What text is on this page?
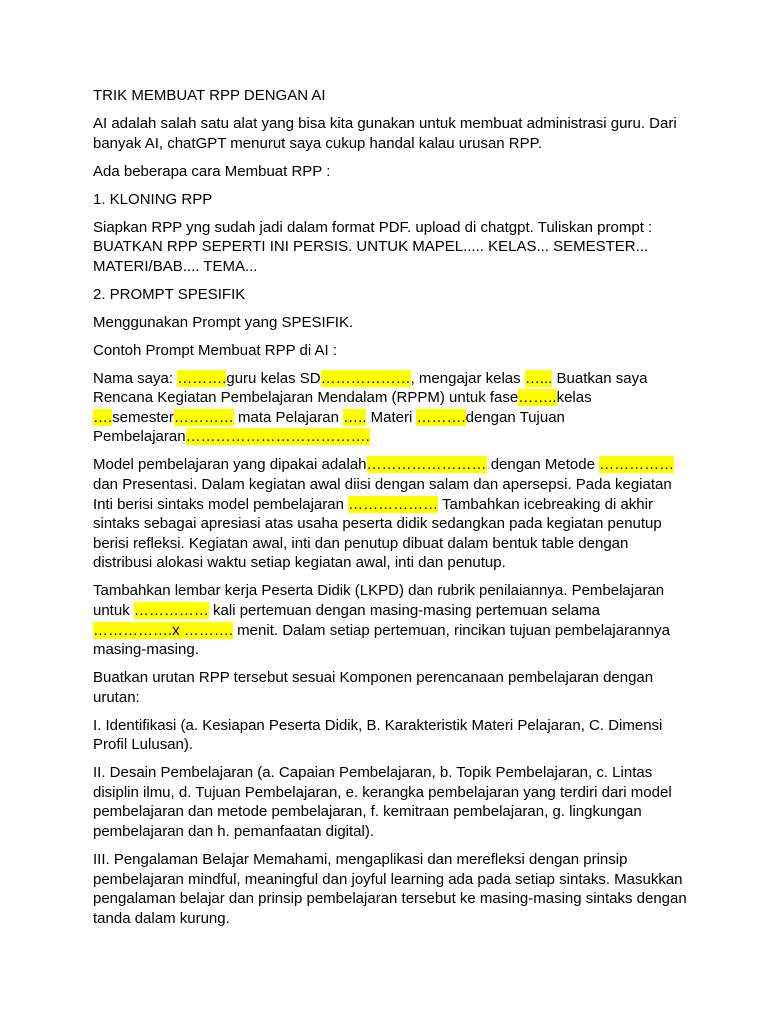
TRIK MEMBUAT RPP DENGAN AI

AI adalah salah satu alat yang bisa kita gunakan untuk membuat administrasi guru. Dari banyak AI, chatGPT menurut saya cukup handal kalau urusan RPP.

Ada beberapa cara Membuat RPP :

1. KLONING RPP

Siapkan RPP yng sudah jadi dalam format PDF. upload di chatgpt. Tuliskan prompt : BUATKAN RPP SEPERTI INI PERSIS. UNTUK MAPEL..... KELAS... SEMESTER... MATERI/BAB.... TEMA...

2. PROMPT SPESIFIK

Menggunakan Prompt yang SPESIFIK.

Contoh Prompt Membuat RPP di AI :

Nama saya: ……….guru kelas SD………………, mengajar kelas …... Buatkan saya Rencana Kegiatan Pembelajaran Mendalam (RPPM) untuk fase……..kelas ….semester………… mata Pelajaran ….. Materi ……….dengan Tujuan Pembelajaran……………………………….

Model pembelajaran yang dipakai adalah…………………… dengan Metode …………… dan Presentasi. Dalam kegiatan awal diisi dengan salam dan apersepsi. Pada kegiatan Inti berisi sintaks model pembelajaran ……………… Tambahkan icebreaking di akhir sintaks sebagai apresiasi atas usaha peserta didik sedangkan pada kegiatan penutup berisi refleksi. Kegiatan awal, inti dan penutup dibuat dalam bentuk table dengan distribusi alokasi waktu setiap kegiatan awal, inti dan penutup.

Tambahkan lembar kerja Peserta Didik (LKPD) dan rubrik penilaiannya. Pembelajaran untuk …………… kali pertemuan dengan masing-masing pertemuan selama …………….x ………. menit. Dalam setiap pertemuan, rincikan tujuan pembelajarannya masing-masing.

Buatkan urutan RPP tersebut sesuai Komponen perencanaan pembelajaran dengan urutan:

I. Identifikasi (a. Kesiapan Peserta Didik, B. Karakteristik Materi Pelajaran, C. Dimensi Profil Lulusan).

II. Desain Pembelajaran (a. Capaian Pembelajaran, b. Topik Pembelajaran, c. Lintas disiplin ilmu, d. Tujuan Pembelajaran, e. kerangka pembelajaran yang terdiri dari model pembelajaran dan metode pembelajaran, f. kemitraan pembelajaran, g. lingkungan pembelajaran dan h. pemanfaatan digital).

III. Pengalaman Belajar Memahami, mengaplikasi dan merefleksi dengan prinsip pembelajaran mindful, meaningful dan joyful learning ada pada setiap sintaks. Masukkan pengalaman belajar dan prinsip pembelajaran tersebut ke masing-masing sintaks dengan tanda dalam kurung.
